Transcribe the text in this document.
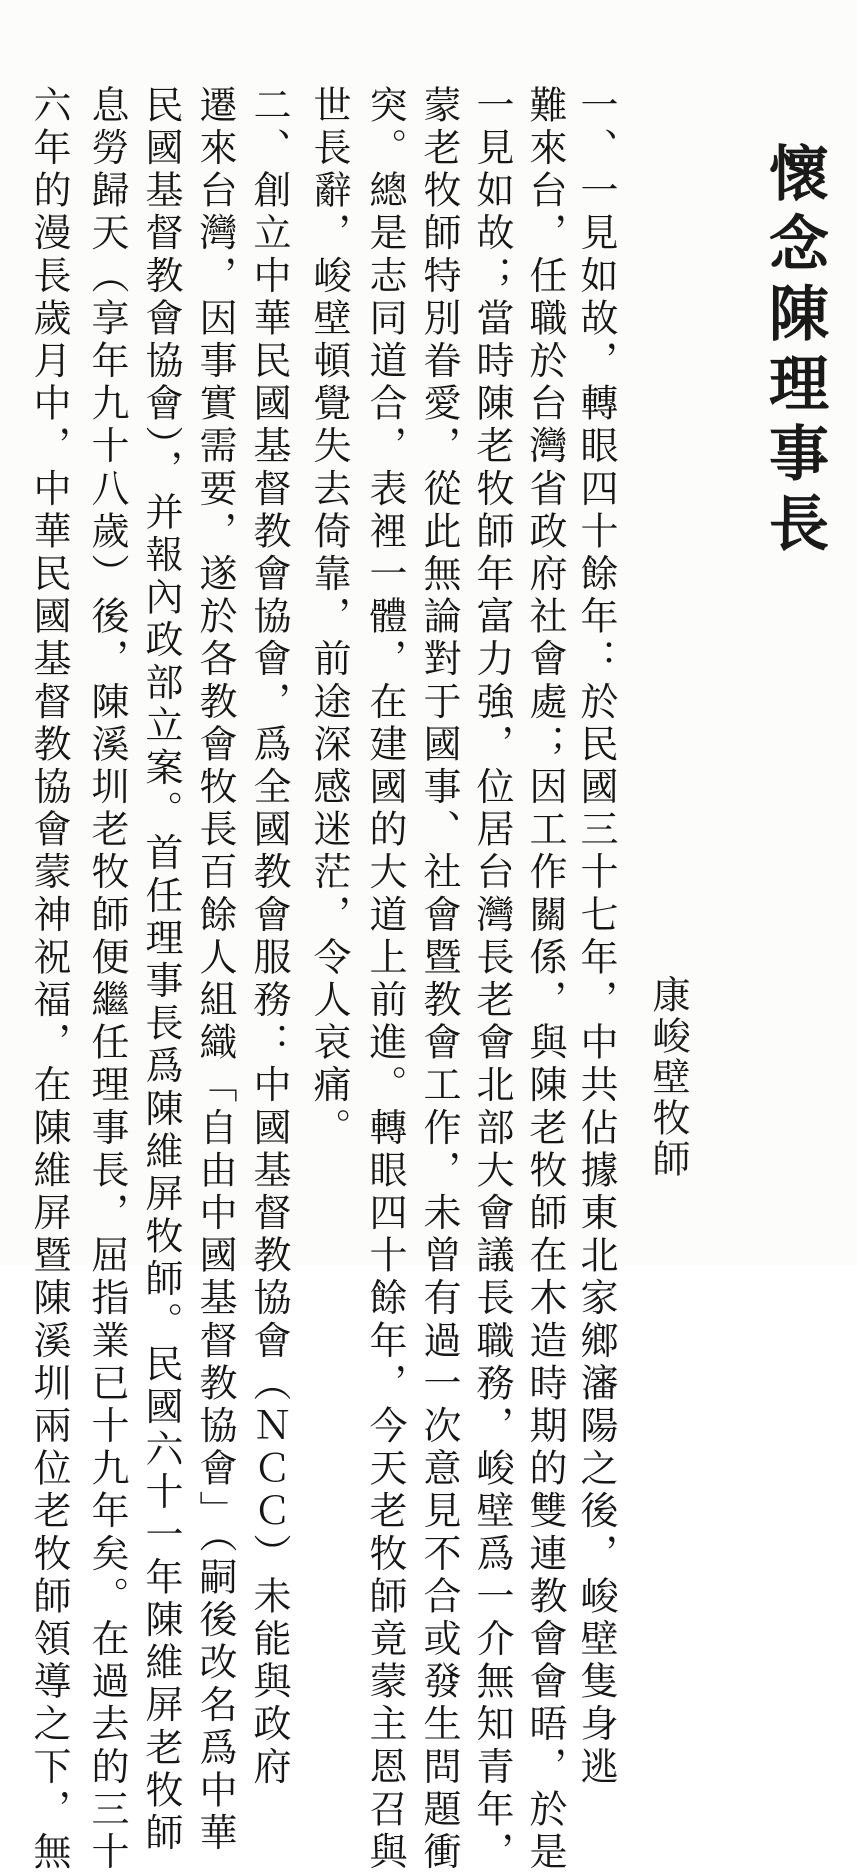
懷念陳理事長
康峻壁牧師
一、一見如故，轉眼四十餘年：於民國三十七年，中共佔據東北家鄉瀋陽之後，峻壁隻身逃
難來台，任職於台灣省政府社會處；因工作關係，與陳老牧師在木造時期的雙連教會會晤，於是
一見如故；當時陳老牧師年富力強，位居台灣長老會北部大會議長職務，峻壁爲一介無知青年，
蒙老牧師特別眷愛，從此無論對于國事、社會暨教會工作，未曾有過一次意見不合或發生問題衝
突。總是志同道合，表裡一體，在建國的大道上前進。轉眼四十餘年，今天老牧師竟蒙主恩召與
世長辭，峻壁頓覺失去倚靠，前途深感迷茫，令人哀痛。
二、創立中華民國基督教會協會，爲全國教會服務：中國基督教協會（ＮＣＣ）未能與政府
遷來台灣，因事實需要，遂於各教會牧長百餘人組織「自由中國基督教協會」（嗣後改名爲中華
民國基督教會協會），并報內政部立案。首任理事長爲陳維屏牧師。民國六十一年陳維屏老牧師
息勞歸天（享年九十八歲）後，陳溪圳老牧師便繼任理事長，屈指業已十九年矣。在過去的三十
六年的漫長歲月中，中華民國基督教協會蒙神祝福，在陳維屏暨陳溪圳兩位老牧師領導之下，無
